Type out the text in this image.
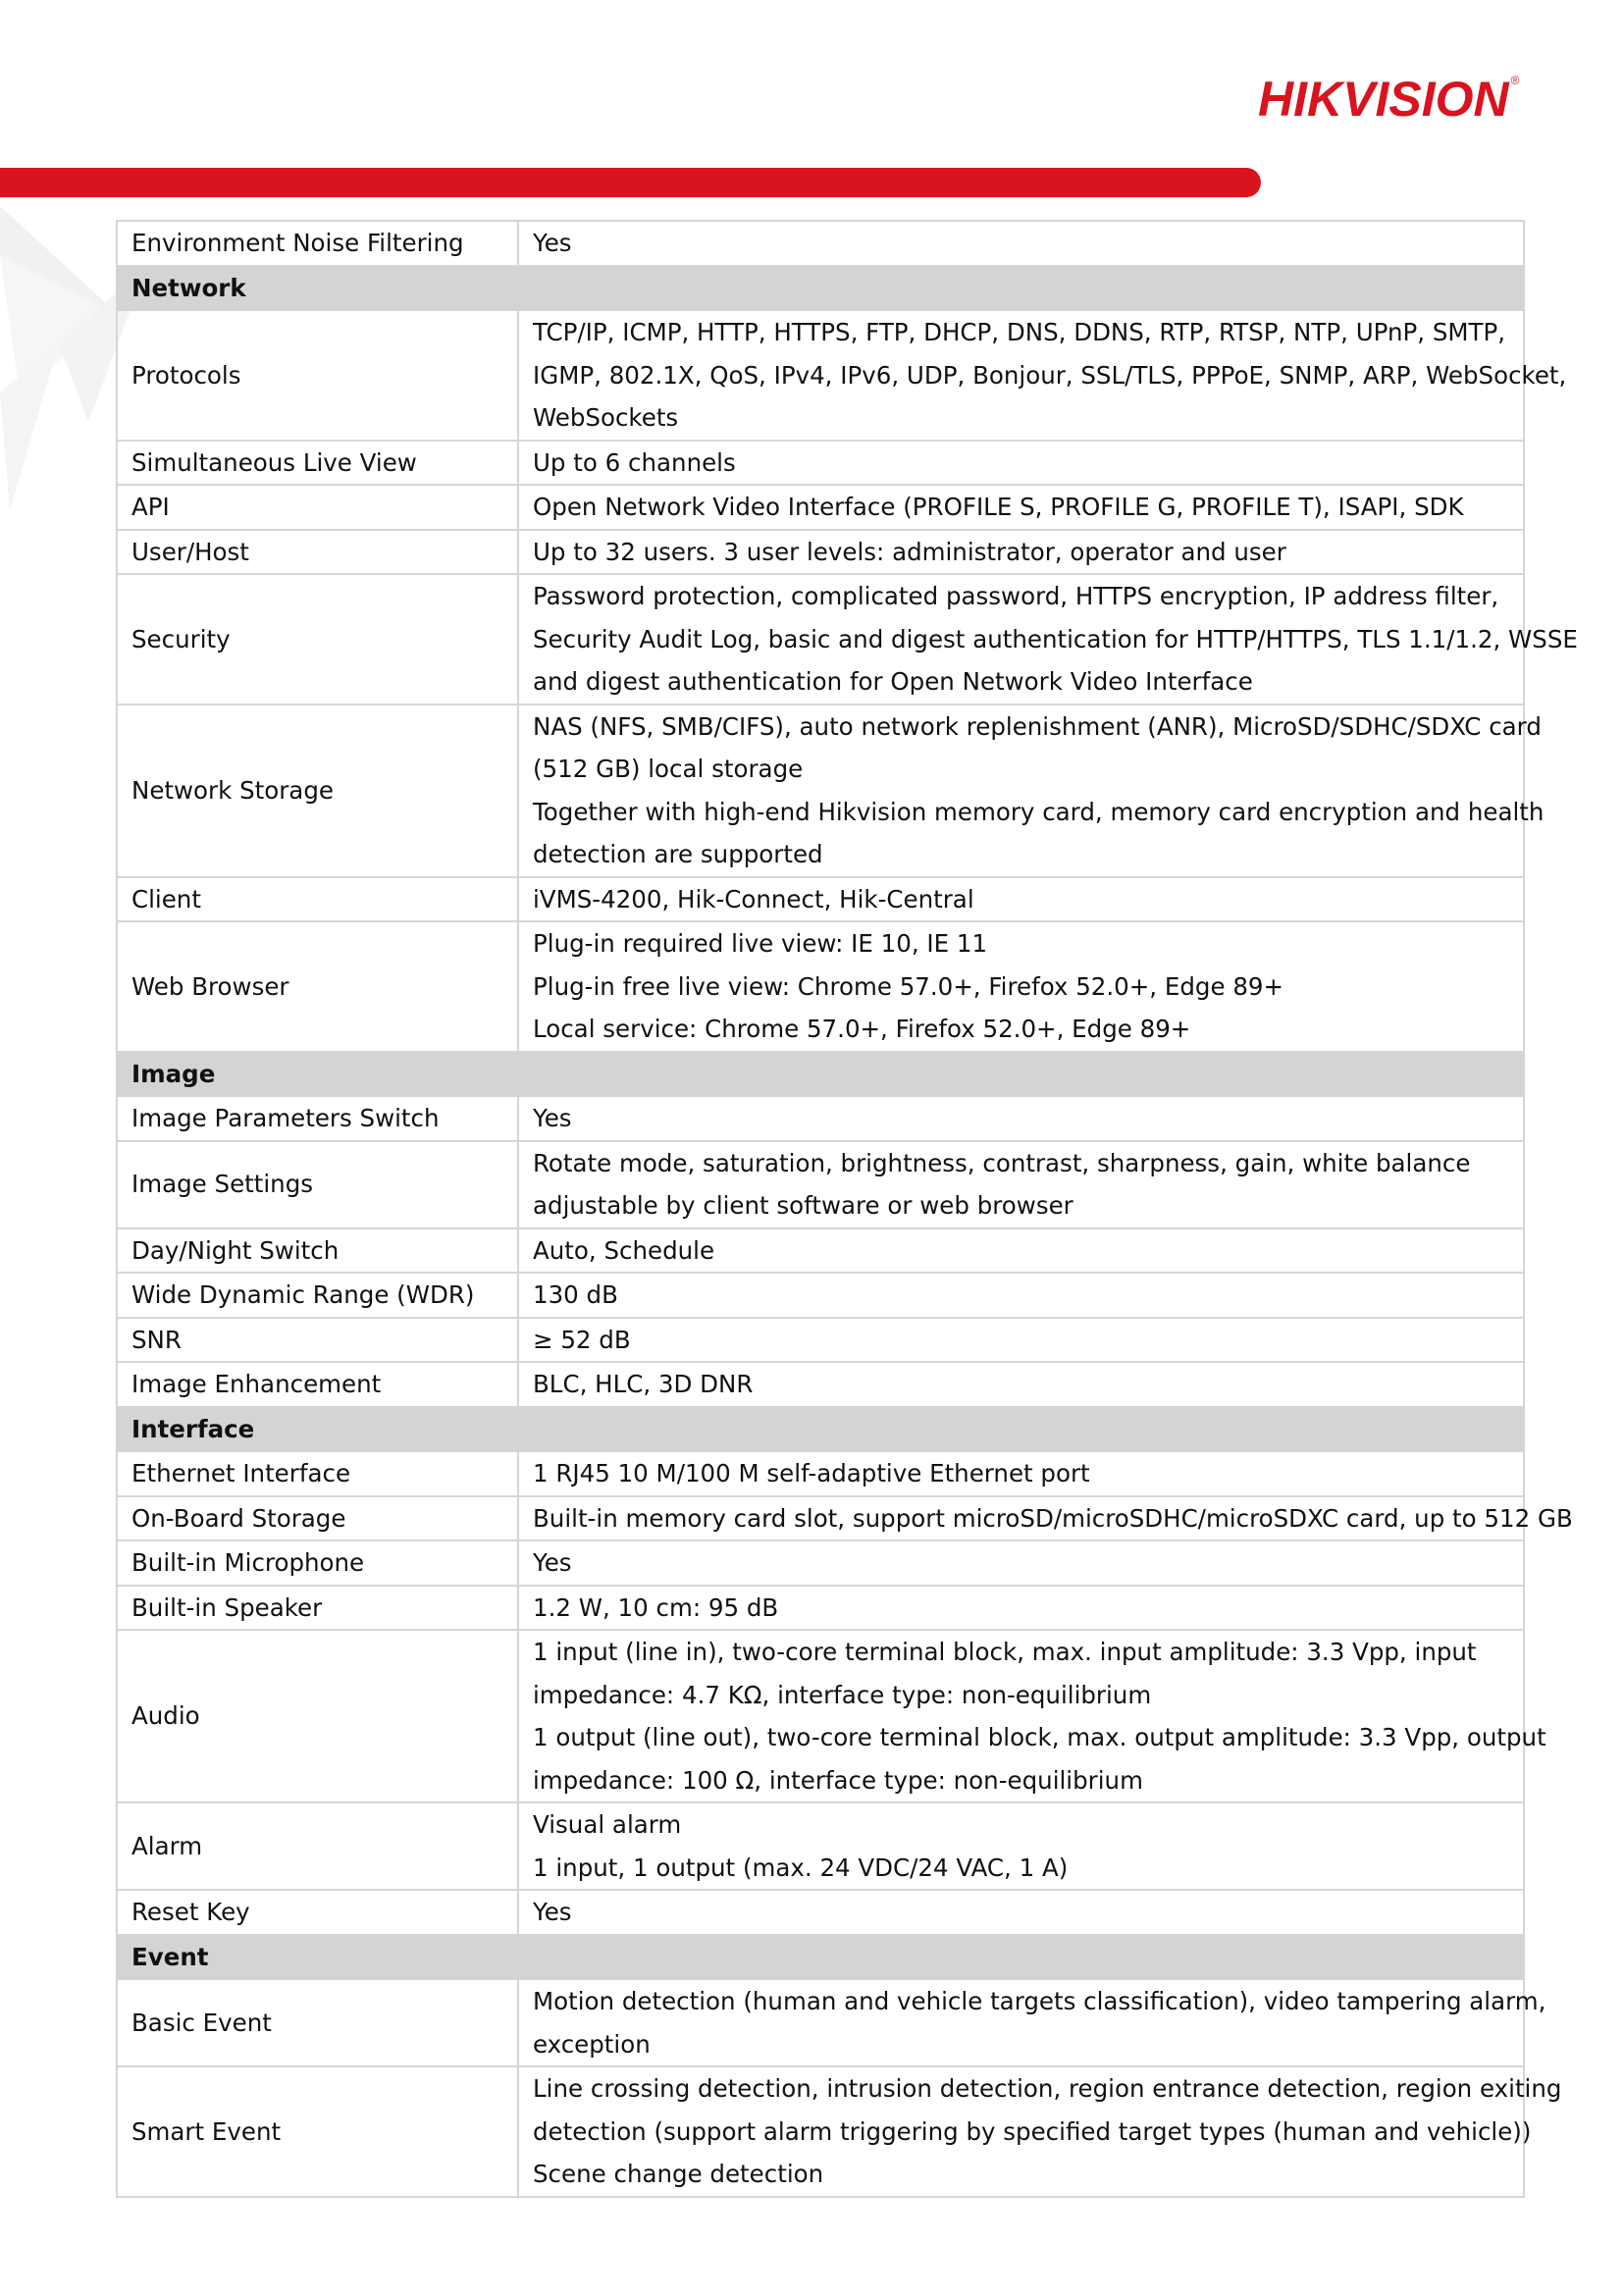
HIKVISION ®
Environment Noise Filtering	Yes

Network	
Protocols	TCP/IP, ICMP, HTTP, HTTPS, FTP, DHCP, DNS, DDNS, RTP, RTSP, NTP, UPnP, SMTP,
IGMP, 802.1X, QoS, IPv4, IPv6, UDP, Bonjour, SSL/TLS, PPPoE, SNMP, ARP, WebSocket,
WebSockets

Simultaneous Live View	Up to 6 channels

API	Open Network Video Interface (PROFILE S, PROFILE G, PROFILE T), ISAPI, SDK

User/Host	Up to 32 users. 3 user levels: administrator, operator and user

Security	Password protection, complicated password, HTTPS encryption, IP address filter,
Security Audit Log, basic and digest authentication for HTTP/HTTPS, TLS 1.1/1.2, WSSE
and digest authentication for Open Network Video Interface

Network Storage	NAS (NFS, SMB/CIFS), auto network replenishment (ANR), MicroSD/SDHC/SDXC card
(512 GB) local storage
Together with high-end Hikvision memory card, memory card encryption and health
detection are supported

Client	iVMS-4200, Hik-Connect, Hik-Central

Web Browser	Plug-in required live view: IE 10, IE 11
Plug-in free live view: Chrome 57.0+, Firefox 52.0+, Edge 89+
Local service: Chrome 57.0+, Firefox 52.0+, Edge 89+

Image	
Image Parameters Switch	Yes

Image Settings	Rotate mode, saturation, brightness, contrast, sharpness, gain, white balance
adjustable by client software or web browser

Day/Night Switch	Auto, Schedule

Wide Dynamic Range (WDR)	130 dB

SNR	≥ 52 dB

Image Enhancement	BLC, HLC, 3D DNR

Interface	
Ethernet Interface	1 RJ45 10 M/100 M self-adaptive Ethernet port

On-Board Storage	Built-in memory card slot, support microSD/microSDHC/microSDXC card, up to 512 GB

Built-in Microphone	Yes

Built-in Speaker	1.2 W, 10 cm: 95 dB

Audio	1 input (line in), two-core terminal block, max. input amplitude: 3.3 Vpp, input
impedance: 4.7 KΩ, interface type: non-equilibrium
1 output (line out), two-core terminal block, max. output amplitude: 3.3 Vpp, output
impedance: 100 Ω, interface type: non-equilibrium

Alarm	Visual alarm
1 input, 1 output (max. 24 VDC/24 VAC, 1 A)

Reset Key	Yes

Event	
Basic Event	Motion detection (human and vehicle targets classification), video tampering alarm,
exception

Smart Event	Line crossing detection, intrusion detection, region entrance detection, region exiting
detection (support alarm triggering by specified target types (human and vehicle))
Scene change detection
